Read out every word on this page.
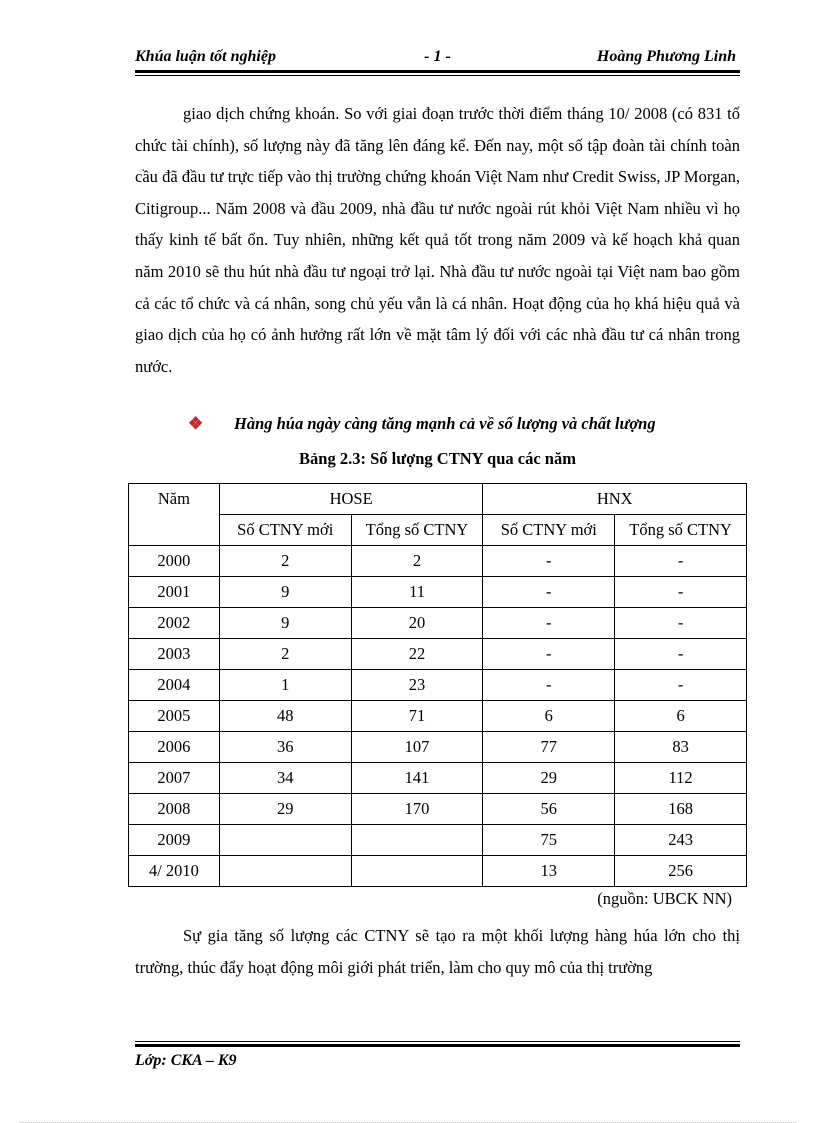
Khúa luận tốt nghiệp	- 1 -	Hoàng Phương Linh

giao dịch chứng khoán. So với giai đoạn trước thời điểm tháng 10/ 2008 (có 831 tổ chức tài chính), số lượng này đã tăng lên đáng kể. Đến nay, một số tập đoàn tài chính toàn cầu đã đầu tư trực tiếp vào thị trường chứng khoán Việt Nam như Credit Swiss, JP Morgan, Citigroup... Năm 2008 và đầu 2009, nhà đầu tư nước ngoài rút khỏi Việt Nam nhiều vì họ thấy kinh tế bất ổn. Tuy nhiên, những kết quả tốt trong năm 2009 và kế hoạch khả quan năm 2010 sẽ thu hút nhà đầu tư ngoại trở lại. Nhà đầu tư nước ngoài tại Việt nam bao gồm cả các tổ chức và cá nhân, song chủ yếu vẫn là cá nhân. Hoạt động của họ khá hiệu quả và giao dịch của họ có ảnh hưởng rất lớn về mặt tâm lý đối với các nhà đầu tư cá nhân trong nước.

❖ Hàng húa ngày càng tăng mạnh cả về số lượng và chất lượng
Bảng 2.3: Số lượng CTNY qua các năm
Năm	HOSE		HNX	
	Số CTNY mới	Tổng số CTNY	Số CTNY mới	Tổng số CTNY
2000	2	2	-	-
2001	9	11	-	-
2002	9	20	-	-
2003	2	22	-	-
2004	1	23	-	-
2005	48	71	6	6
2006	36	107	77	83
2007	34	141	29	112
2008	29	170	56	168
2009			75	243
4/ 2010			13	256
(nguồn: UBCK NN)

Sự gia tăng số lượng các CTNY sẽ tạo ra một khối lượng hàng húa lớn cho thị trường, thúc đẩy hoạt động môi giới phát triển, làm cho quy mô của thị trường

Lớp: CKA – K9
